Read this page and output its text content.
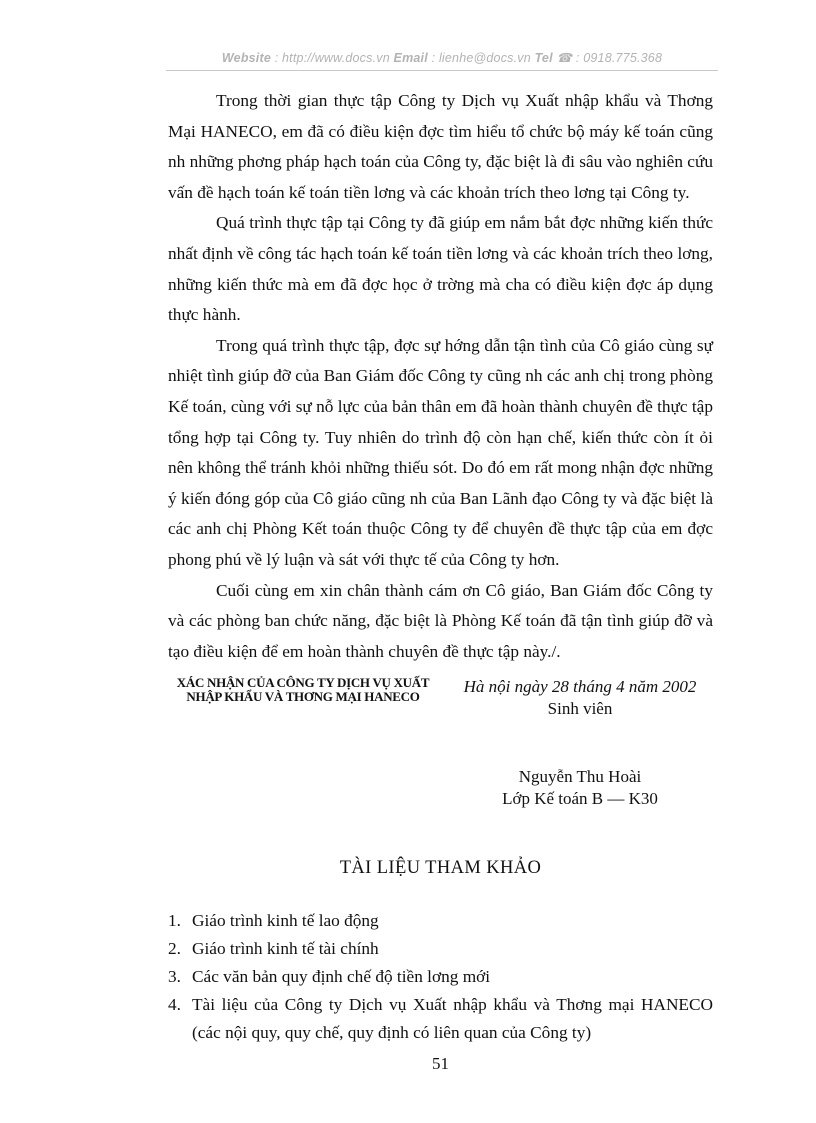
Website : http://www.docs.vn Email : lienhe@docs.vn Tel ☎ : 0918.775.368

Trong thời gian thực tập Công ty Dịch vụ Xuất nhập khẩu và Thơng Mại HANECO, em đã có điều kiện đợc tìm hiểu tổ chức bộ máy kế toán cũng nh những phơng pháp hạch toán của Công ty, đặc biệt là đi sâu vào nghiên cứu vấn đề hạch toán kế toán tiền lơng và các khoản trích theo lơng tại Công ty.

Quá trình thực tập tại Công ty đã giúp em nắm bắt đợc những kiến thức nhất định về công tác hạch toán kế toán tiền lơng và các khoản trích theo lơng, những kiến thức mà em đã đợc học ở trờng mà cha có điều kiện đợc áp dụng thực hành.

Trong quá trình thực tập, đợc sự hớng dẫn tận tình của Cô giáo cùng sự nhiệt tình giúp đỡ của Ban Giám đốc Công ty cũng nh các anh chị trong phòng Kế toán, cùng với sự nỗ lực của bản thân em đã hoàn thành chuyên đề thực tập tổng hợp tại Công ty. Tuy nhiên do trình độ còn hạn chế, kiến thức còn ít ỏi nên không thể tránh khỏi những thiếu sót. Do đó em rất mong nhận đợc những ý kiến đóng góp của Cô giáo cũng nh của Ban Lãnh đạo Công ty và đặc biệt là các anh chị Phòng Kết toán thuộc Công ty để chuyên đề thực tập của em đợc phong phú về lý luận và sát với thực tế của Công ty hơn.

Cuối cùng em xin chân thành cám ơn Cô giáo, Ban Giám đốc Công ty và các phòng ban chức năng, đặc biệt là Phòng Kế toán đã tận tình giúp đỡ và tạo điều kiện để em hoàn thành chuyên đề thực tập này./.

XÁC NHẬN CỦA CÔNG TY DỊCH VỤ XUẤT NHẬP KHẨU VÀ THƠNG MẠI HANECO
Hà nội ngày 28 tháng 4 năm 2002
Sinh viên
Nguyễn Thu Hoài
Lớp Kế toán B — K30
TÀI LIỆU THAM KHẢO
1. Giáo trình kinh tế lao động
2. Giáo trình kinh tế tài chính
3. Các văn bản quy định chế độ tiền lơng mới
4. Tài liệu của Công ty Dịch vụ Xuất nhập khẩu và Thơng mại HANECO (các nội quy, quy chế, quy định có liên quan của Công ty)
51
